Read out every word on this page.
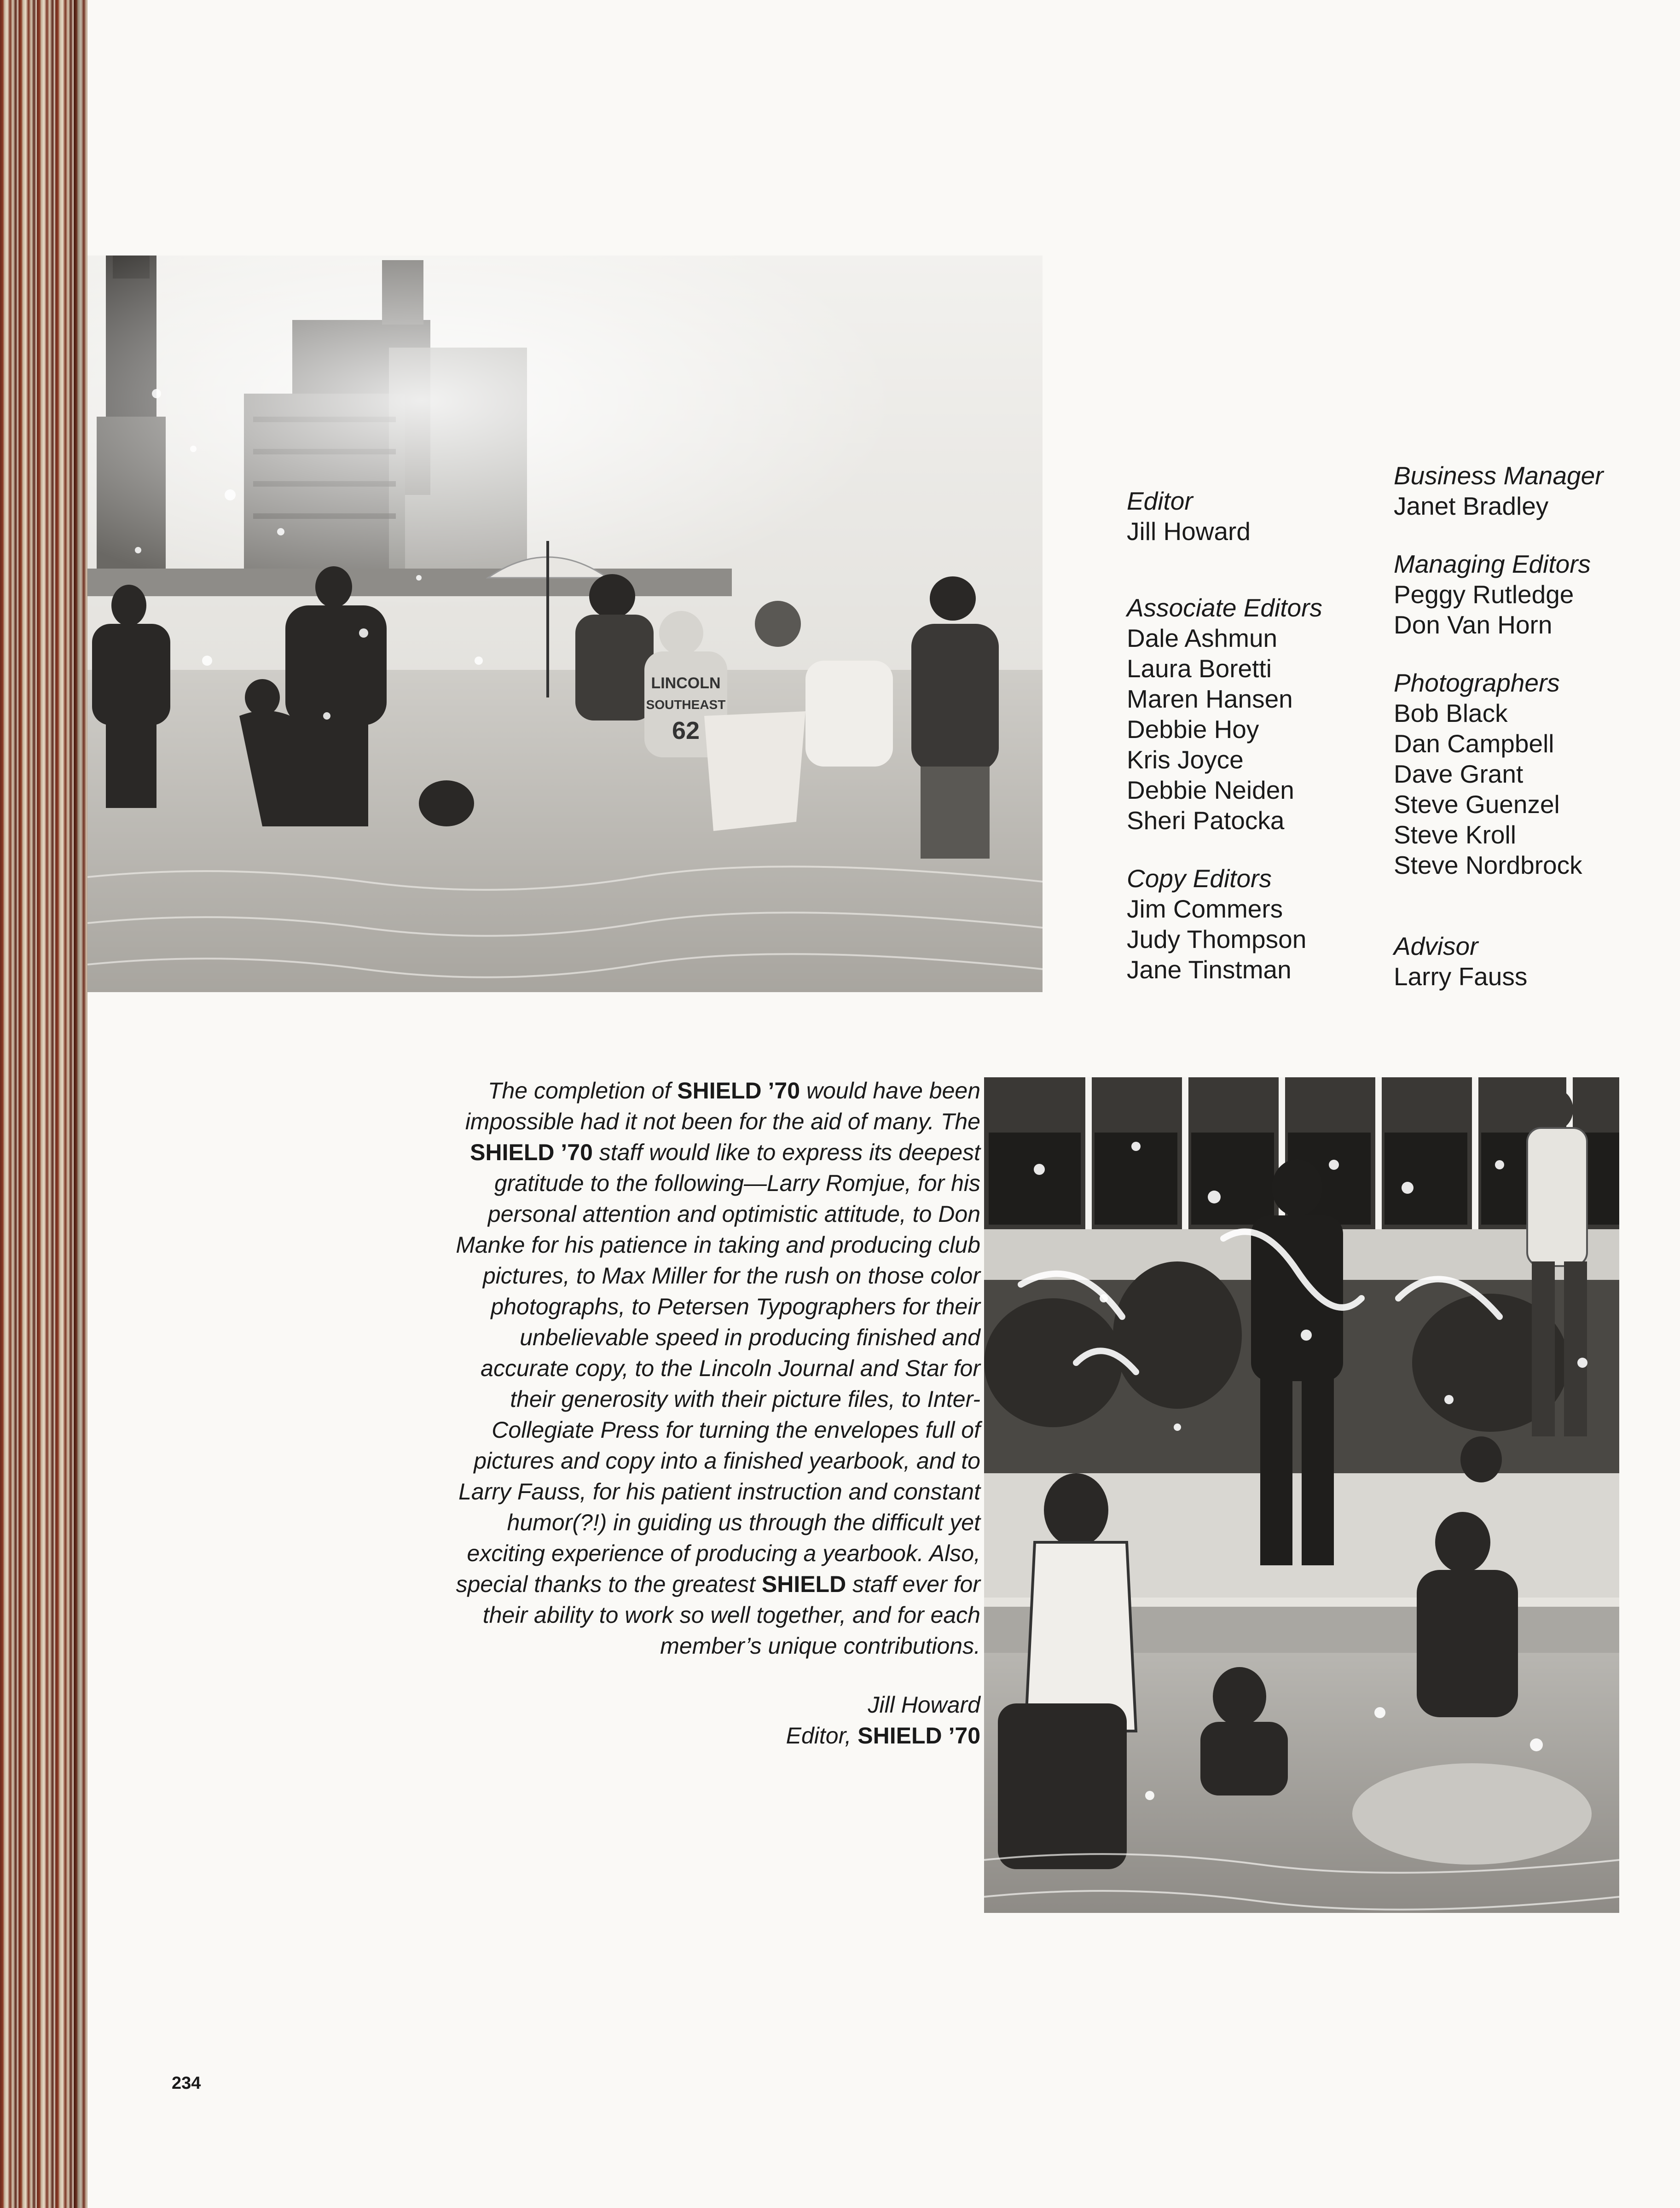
LINCOLN
SOUTHEAST
62

Editor

Jill Howard

Associate Editors

Dale Ashmun

Laura Boretti

Maren Hansen

Debbie Hoy

Kris Joyce

Debbie Neiden

Sheri Patocka

Copy Editors

Jim Commers

Judy Thompson

Jane Tinstman

Business Manager

Janet Bradley

Managing Editors

Peggy Rutledge

Don Van Horn

Photographers

Bob Black

Dan Campbell

Dave Grant

Steve Guenzel

Steve Kroll

Steve Nordbrock

Advisor

Larry Fauss

The completion of SHIELD ’70 would have been
impossible had it not been for the aid of many. The
SHIELD ’70 staff would like to express its deepest
gratitude to the following—Larry Romjue, for his
personal attention and optimistic attitude, to Don
Manke for his patience in taking and producing club
pictures, to Max Miller for the rush on those color
photographs, to Petersen Typographers for their
unbelievable speed in producing finished and
accurate copy, to the Lincoln Journal and Star for
their generosity with their picture files, to Inter-
Collegiate Press for turning the envelopes full of
pictures and copy into a finished yearbook, and to
Larry Fauss, for his patient instruction and constant
humor(?!) in guiding us through the difficult yet
exciting experience of producing a yearbook. Also,
special thanks to the greatest SHIELD staff ever for
their ability to work so well together, and for each
member’s unique contributions.

Jill Howard
Editor, SHIELD ’70
234
